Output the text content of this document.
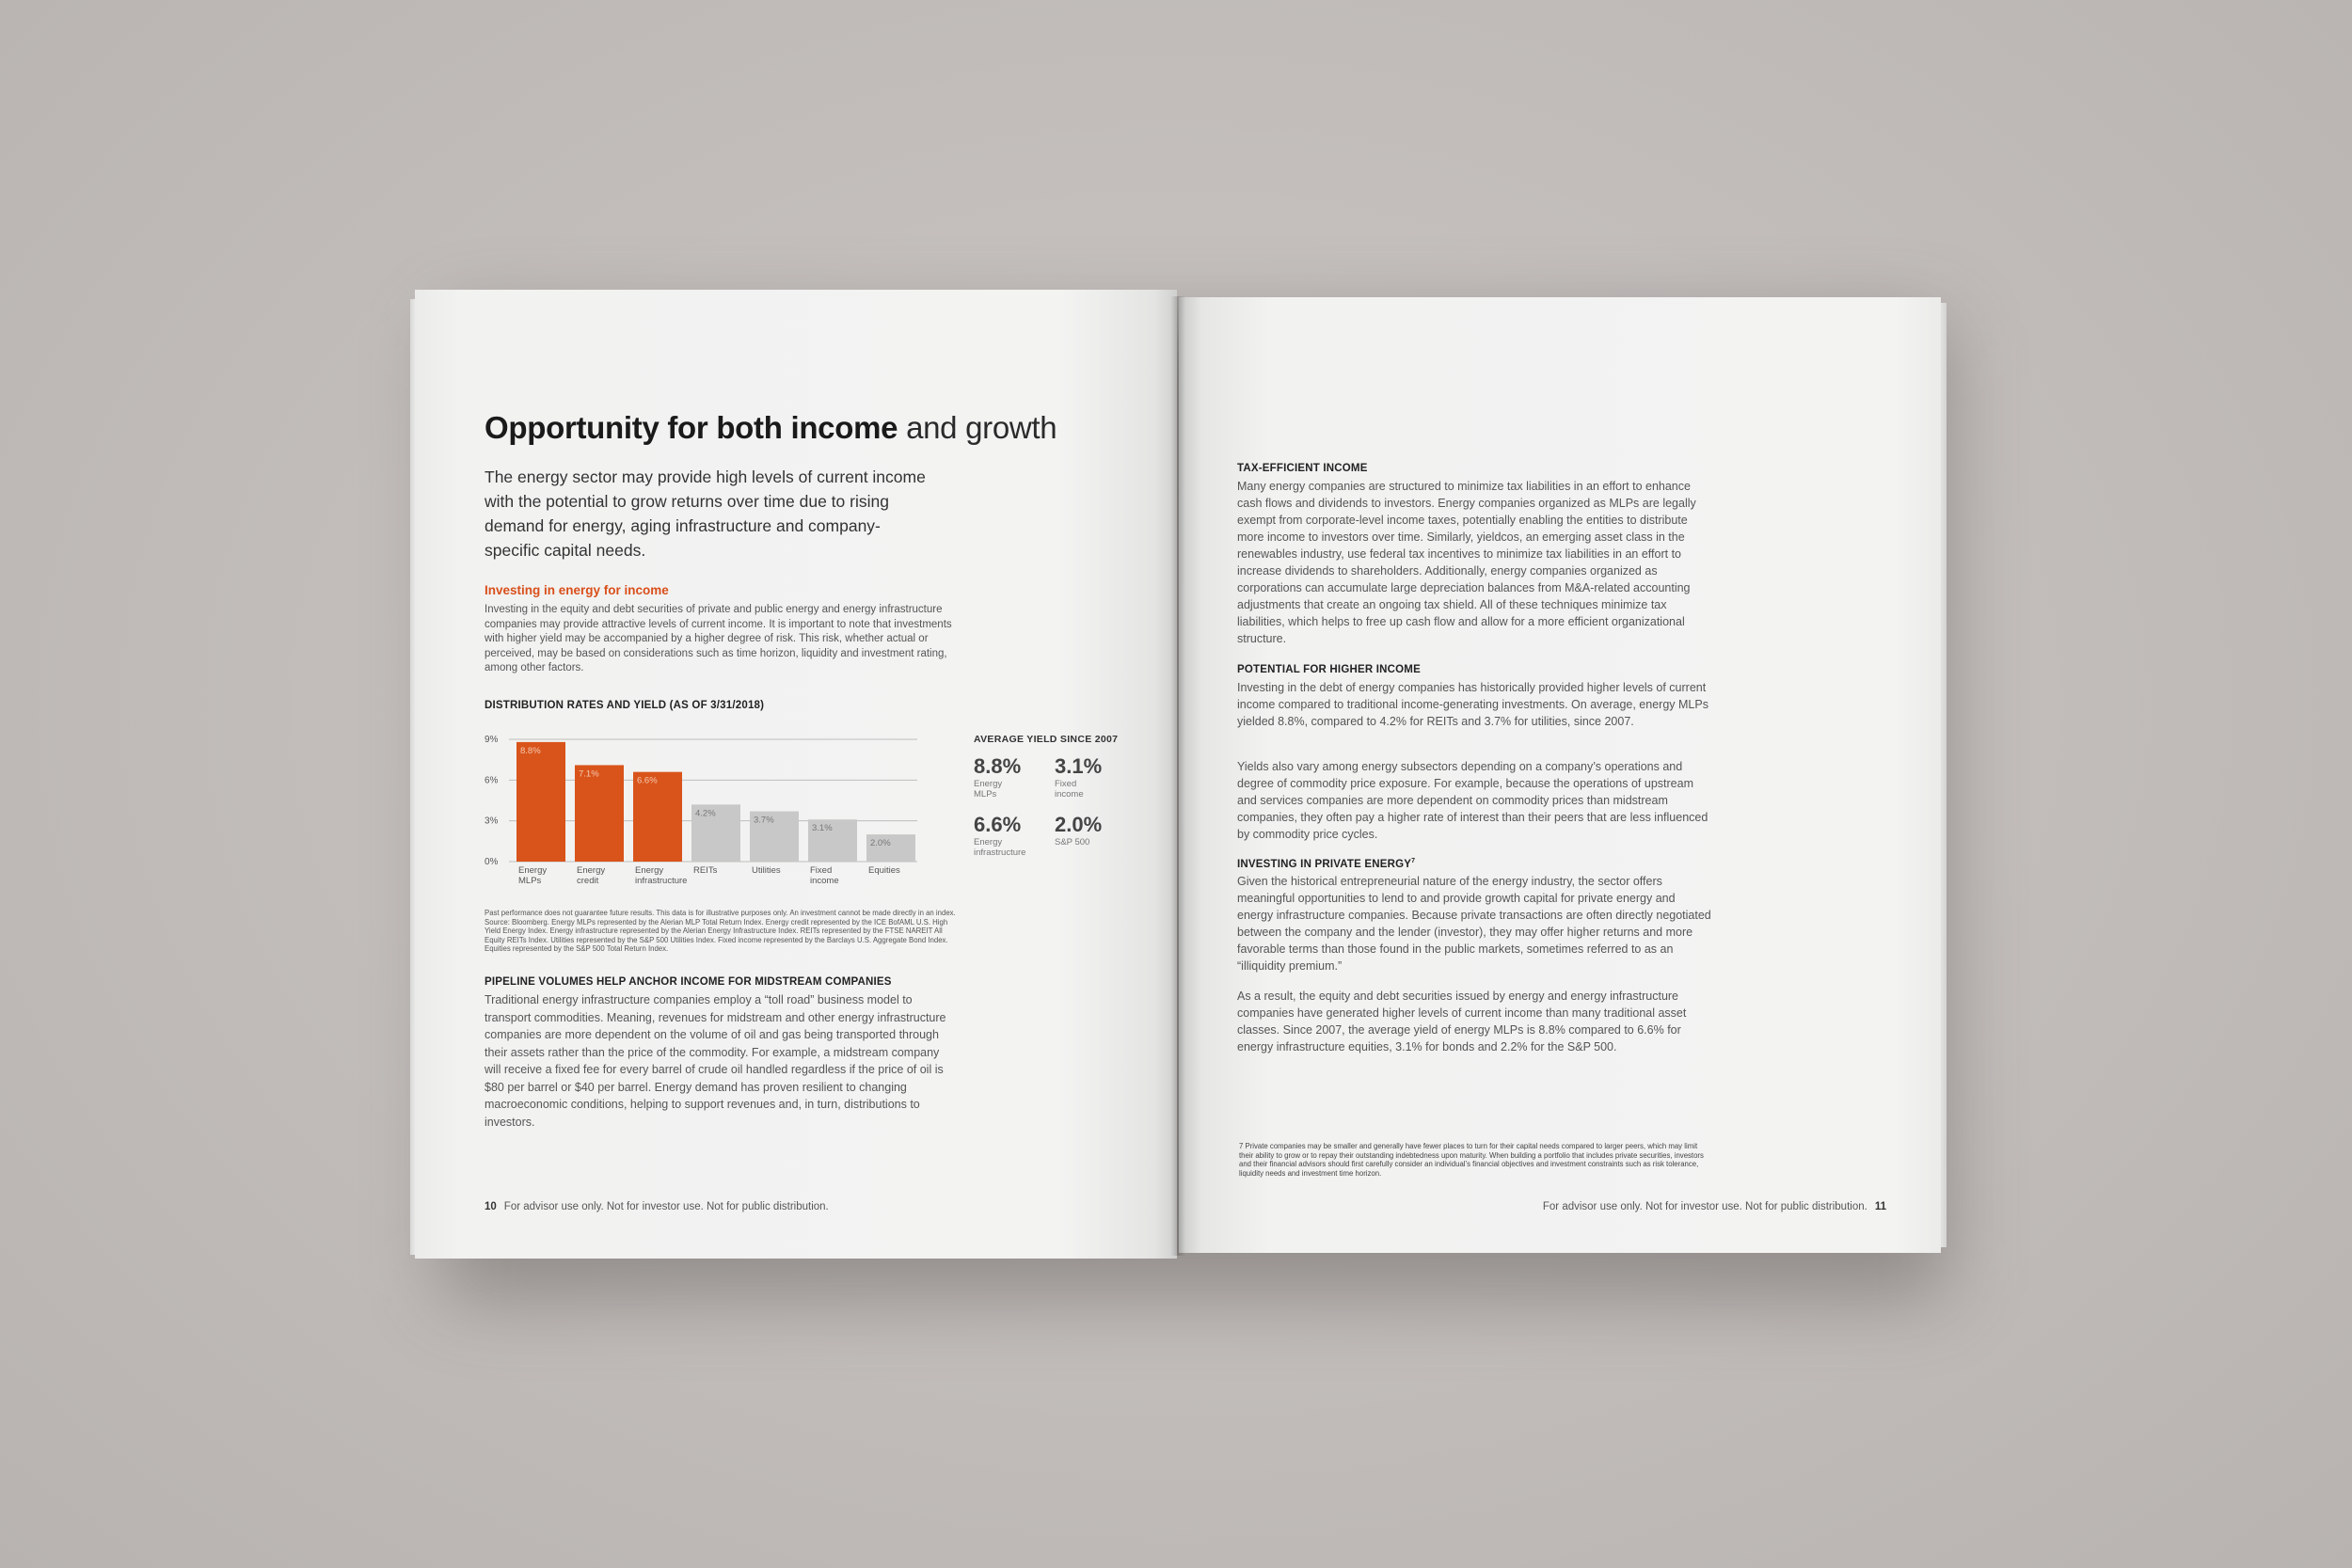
Opportunity for both income and growth
The energy sector may provide high levels of current income with the potential to grow returns over time due to rising demand for energy, aging infrastructure and company-specific capital needs.
Investing in energy for income
Investing in the equity and debt securities of private and public energy and energy infrastructure companies may provide attractive levels of current income. It is important to note that investments with higher yield may be accompanied by a higher degree of risk. This risk, whether actual or perceived, may be based on considerations such as time horizon, liquidity and investment rating, among other factors.
DISTRIBUTION RATES AND YIELD (AS OF 3/31/2018)
0%
3%
6%
9%
8.8%
Energy
MLPs
7.1%
Energy
credit
6.6%
Energy
infrastructure
4.2%
REITs
3.7%
Utilities
3.1%
Fixed
income
2.0%
Equities
AVERAGE YIELD SINCE 2007
8.8%
Energy MLPs
3.1%
Fixed income
6.6%
Energy infrastructure
2.0%
S&P 500
Past performance does not guarantee future results. This data is for illustrative purposes only. An investment cannot be made directly in an index. Source: Bloomberg. Energy MLPs represented by the Alerian MLP Total Return Index. Energy credit represented by the ICE BofAML U.S. High Yield Energy Index. Energy infrastructure represented by the Alerian Energy Infrastructure Index. REITs represented by the FTSE NAREIT All Equity REITs Index. Utilities represented by the S&P 500 Utilities Index. Fixed income represented by the Barclays U.S. Aggregate Bond Index. Equities represented by the S&P 500 Total Return Index.
PIPELINE VOLUMES HELP ANCHOR INCOME FOR MIDSTREAM COMPANIES
Traditional energy infrastructure companies employ a “toll road” business model to transport commodities. Meaning, revenues for midstream and other energy infrastructure companies are more dependent on the volume of oil and gas being transported through their assets rather than the price of the commodity. For example, a midstream company will receive a fixed fee for every barrel of crude oil handled regardless if the price of oil is $80 per barrel or $40 per barrel. Energy demand has proven resilient to changing macroeconomic conditions, helping to support revenues and, in turn, distributions to investors.
10 For advisor use only. Not for investor use. Not for public distribution.
TAX-EFFICIENT INCOME
Many energy companies are structured to minimize tax liabilities in an effort to enhance cash flows and dividends to investors. Energy companies organized as MLPs are legally exempt from corporate-level income taxes, potentially enabling the entities to distribute more income to investors over time. Similarly, yieldcos, an emerging asset class in the renewables industry, use federal tax incentives to minimize tax liabilities in an effort to increase dividends to shareholders. Additionally, energy companies organized as corporations can accumulate large depreciation balances from M&A-related accounting adjustments that create an ongoing tax shield. All of these techniques minimize tax liabilities, which helps to free up cash flow and allow for a more efficient organizational structure.
POTENTIAL FOR HIGHER INCOME
Investing in the debt of energy companies has historically provided higher levels of current income compared to traditional income-generating investments. On average, energy MLPs yielded 8.8%, compared to 4.2% for REITs and 3.7% for utilities, since 2007.
Yields also vary among energy subsectors depending on a company’s operations and degree of commodity price exposure. For example, because the operations of upstream and services companies are more dependent on commodity prices than midstream companies, they often pay a higher rate of interest than their peers that are less influenced by commodity price cycles.
INVESTING IN PRIVATE ENERGY$^7$
Given the historical entrepreneurial nature of the energy industry, the sector offers meaningful opportunities to lend to and provide growth capital for private energy and energy infrastructure companies. Because private transactions are often directly negotiated between the company and the lender (investor), they may offer higher returns and more favorable terms than those found in the public markets, sometimes referred to as an “illiquidity premium.”
As a result, the equity and debt securities issued by energy and energy infrastructure companies have generated higher levels of current income than many traditional asset classes. Since 2007, the average yield of energy MLPs is 8.8% compared to 6.6% for energy infrastructure equities, 3.1% for bonds and 2.2% for the S&P 500.
7 Private companies may be smaller and generally have fewer places to turn for their capital needs compared to larger peers, which may limit their ability to grow or to repay their outstanding indebtedness upon maturity. When building a portfolio that includes private securities, investors and their financial advisors should first carefully consider an individual’s financial objectives and investment constraints such as risk tolerance, liquidity needs and investment time horizon.
For advisor use only. Not for investor use. Not for public distribution. 11
